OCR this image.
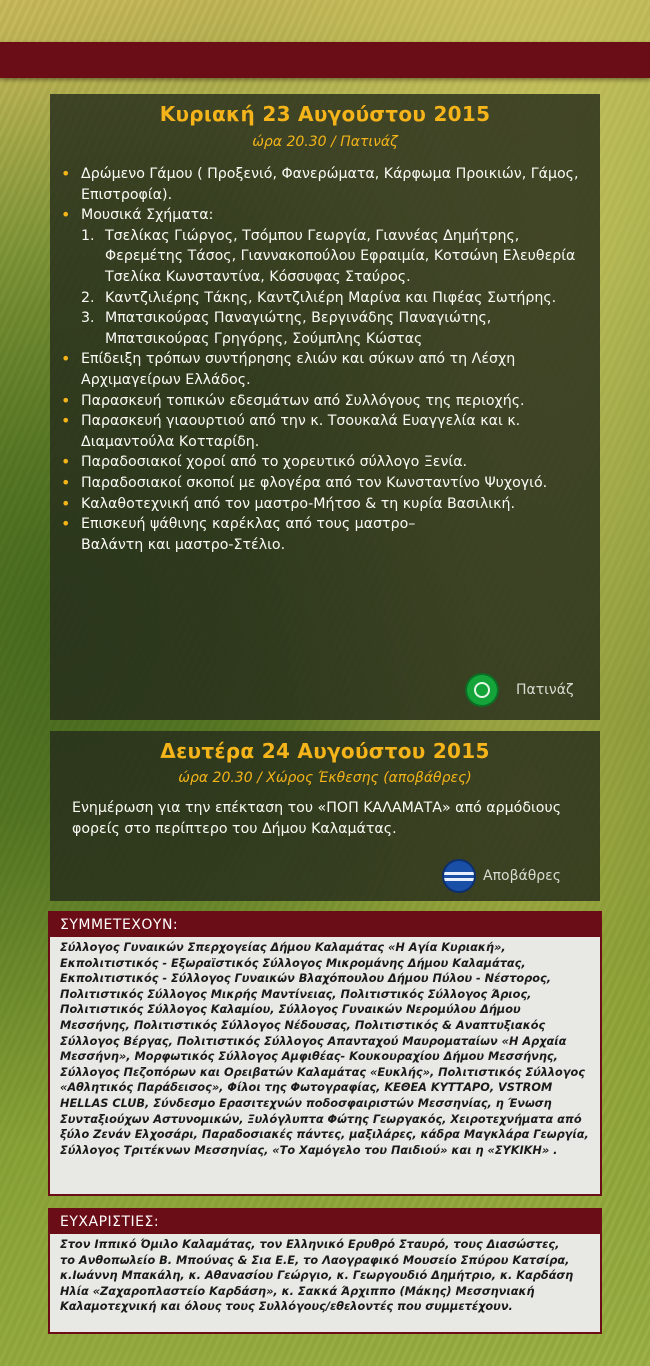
Κυριακή 23 Αυγούστου 2015
ώρα 20.30 / Πατινάζ
• Δρώμενο Γάμου ( Προξενιό, Φανερώματα, Κάρφωμα Προικιών, Γάμος, Επιστροφία).
• Μουσικά Σχήματα:
1. Τσελίκας Γιώργος, Τσόμπου Γεωργία, Γιαννέας Δημήτρης, Φερεμέτης Τάσος, Γιαννακοπούλου Εφραιμία, Κοτσώνη Ελευθερία Τσελίκα Κωνσταντίνα, Κόσσυφας Σταύρος.
2. Καντζιλιέρης Τάκης, Καντζιλιέρη Μαρίνα και Πιφέας Σωτήρης.
3. Μπατσικούρας Παναγιώτης, Βεργινάδης Παναγιώτης, Μπατσικούρας Γρηγόρης, Σούμπλης Κώστας
• Επίδειξη τρόπων συντήρησης ελιών και σύκων από τη Λέσχη Αρχιμαγείρων Ελλάδος.
• Παρασκευή τοπικών εδεσμάτων από Συλλόγους της περιοχής.
• Παρασκευή γιαουρτιού από την κ. Τσουκαλά Ευαγγελία και κ. Διαμαντούλα Κοτταρίδη.
• Παραδοσιακοί χοροί από το χορευτικό σύλλογο Ξενία.
• Παραδοσιακοί σκοποί με φλογέρα από τον Κωνσταντίνο Ψυχογιό.
• Καλαθοτεχνική από τον μαστρο-Μήτσο & τη κυρία Βασιλική.
• Επισκευή ψάθινης καρέκλας από τους μαστρο–Βαλάντη και μαστρο-Στέλιο.
Πατινάζ
Δευτέρα 24 Αυγούστου 2015
ώρα 20.30 / Χώρος Έκθεσης (αποβάθρες)
Ενημέρωση για την επέκταση του «ΠΟΠ ΚΑΛΑΜΑΤΑ» από αρμόδιους φορείς στο περίπτερο του Δήμου Καλαμάτας.
Αποβάθρες
ΣΥΜΜΕΤΕΧΟΥΝ:
Σύλλογος Γυναικών Σπερχογείας Δήμου Καλαμάτας «Η Αγία Κυριακή»,
Εκπολιτιστικός - Εξωραϊστικός Σύλλογος Μικρομάνης Δήμου Καλαμάτας,
Εκπολιτιστικός - Σύλλογος Γυναικών Βλαχόπουλου Δήμου Πύλου - Νέστορος,
Πολιτιστικός Σύλλογος Μικρής Μαντίνειας, Πολιτιστικός Σύλλογος Άριος,
Πολιτιστικός Σύλλογος Καλαμίου, Σύλλογος Γυναικών Νερομύλου Δήμου
Μεσσήνης, Πολιτιστικός Σύλλογος Νέδουσας, Πολιτιστικός & Αναπτυξιακός
Σύλλογος Βέργας, Πολιτιστικός Σύλλογος Απανταχού Μαυροματαίων «Η Αρχαία
Μεσσήνη», Μορφωτικός Σύλλογος Αμφιθέας- Κουκουραχίου Δήμου Μεσσήνης,
Σύλλογος Πεζοπόρων και Ορειβατών Καλαμάτας «Ευκλής», Πολιτιστικός Σύλλογος
«Αθλητικός Παράδεισος», Φίλοι της Φωτογραφίας, ΚΕΘΕΑ ΚΥΤΤΑΡΟ, VSTROM
HELLAS CLUB, Σύνδεσμο Ερασιτεχνών ποδοσφαιριστών Μεσσηνίας, η Ένωση
Συνταξιούχων Αστυνομικών, Ξυλόγλυπτα Φώτης Γεωργακός, Χειροτεχνήματα από
ξύλο Ζενάν Ελχοσάρι, Παραδοσιακές πάντες, μαξιλάρες, κάδρα Μαγκλάρα Γεωργία,
Σύλλογος Τριτέκνων Μεσσηνίας, «Το Χαμόγελο του Παιδιού» και η «ΣΥΚΙΚΗ» .
ΕΥΧΑΡΙΣΤΙΕΣ:
Στον Ιππικό Όμιλο Καλαμάτας, τον Ελληνικό Ερυθρό Σταυρό, τους Διασώστες,
το Ανθοπωλείο Β. Μπούνας & Σια Ε.Ε, το Λαογραφικό Μουσείο Σπύρου Κατσίρα,
κ.Ιωάννη Μπακάλη, κ. Αθανασίου Γεώργιο, κ. Γεωργουδιό Δημήτριο, κ. Καρδάση
Ηλία «Ζαχαροπλαστείο Καρδάση», κ. Σακκά Άρχιππο (Μάκης) Μεσσηνιακή
Καλαμοτεχνική και όλους τους Συλλόγους/εθελοντές που συμμετέχουν.
